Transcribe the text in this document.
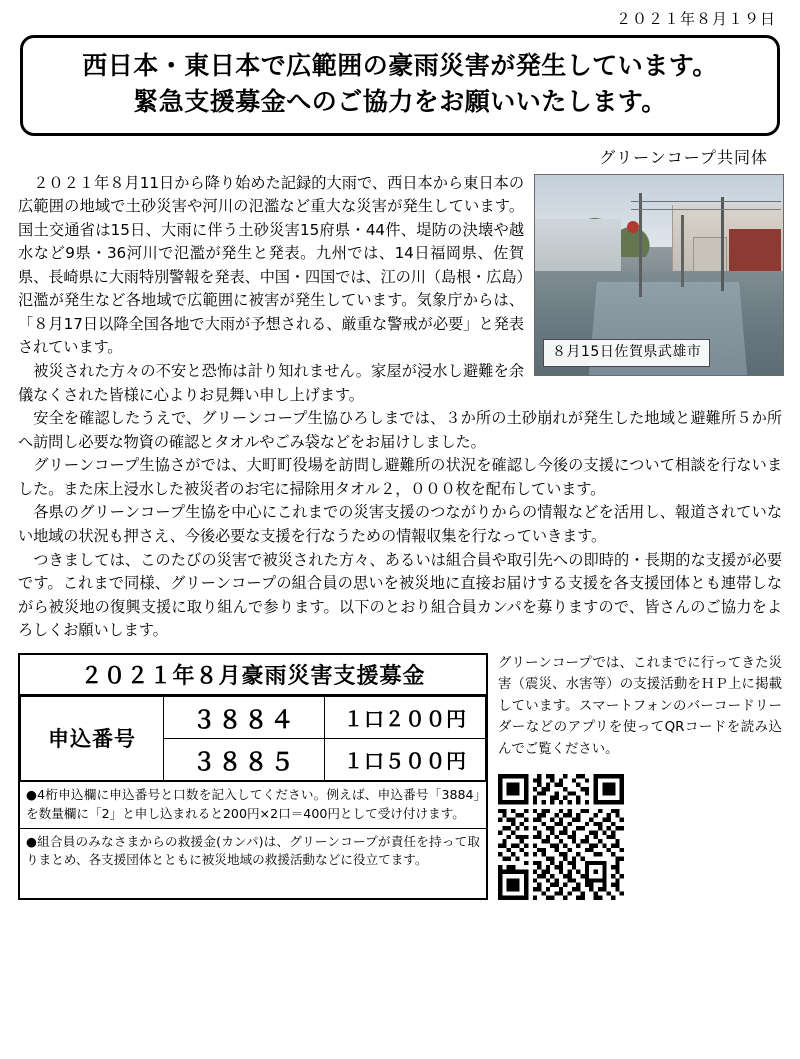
２０２１年８月１９日
西日本・東日本で広範囲の豪雨災害が発生しています。
緊急支援募金へのご協力をお願いいたします。
グリーンコープ共同体
８月15日佐賀県武雄市

２０２１年８月11日から降り始めた記録的大雨で、西日本から東日本の広範囲の地域で土砂災害や河川の氾濫など重大な災害が発生しています。国土交通省は15日、大雨に伴う土砂災害15府県・44件、堤防の決壊や越水など9県・36河川で氾濫が発生と発表。九州では、14日福岡県、佐賀県、長崎県に大雨特別警報を発表、中国・四国では、江の川（島根・広島）氾濫が発生など各地域で広範囲に被害が発生しています。気象庁からは、「８月17日以降全国各地で大雨が予想される、厳重な警戒が必要」と発表されています。

被災された方々の不安と恐怖は計り知れません。家屋が浸水し避難を余儀なくされた皆様に心よりお見舞い申し上げます。

安全を確認したうえで、グリーンコープ生協ひろしまでは、３か所の土砂崩れが発生した地域と避難所５か所へ訪問し必要な物資の確認とタオルやごみ袋などをお届けしました。

グリーンコープ生協さがでは、大町町役場を訪問し避難所の状況を確認し今後の支援について相談を行ないました。また床上浸水した被災者のお宅に掃除用タオル２，０００枚を配布しています。

各県のグリーンコープ生協を中心にこれまでの災害支援のつながりからの情報などを活用し、報道されていない地域の状況も押さえ、今後必要な支援を行なうための情報収集を行なっていきます。

つきましては、このたびの災害で被災された方々、あるいは組合員や取引先への即時的・長期的な支援が必要です。これまで同様、グリーンコープの組合員の思いを被災地に直接お届けする支援を各支援団体とも連帯しながら被災地の復興支援に取り組んで参ります。以下のとおり組合員カンパを募りますので、皆さんのご協力をよろしくお願いします。

２０２１年８月豪雨災害支援募金
申込番号	３８８４	１口２００円
	３８８５	１口５００円
●4桁申込欄に申込番号と口数を記入してください。例えば、申込番号「3884」を数量欄に「2」と申し込まれると200円×2口＝400円として受け付けます。
●組合員のみなさまからの救援金(カンパ)は、グリーンコープが責任を持って取りまとめ、各支援団体とともに被災地域の救援活動などに役立てます。
グリーンコープでは、これまでに行ってきた災害（震災、水害等）の支援活動をＨＰ上に掲載しています。スマートフォンのバーコードリーダーなどのアプリを使ってQRコードを読み込んでご覧ください。
